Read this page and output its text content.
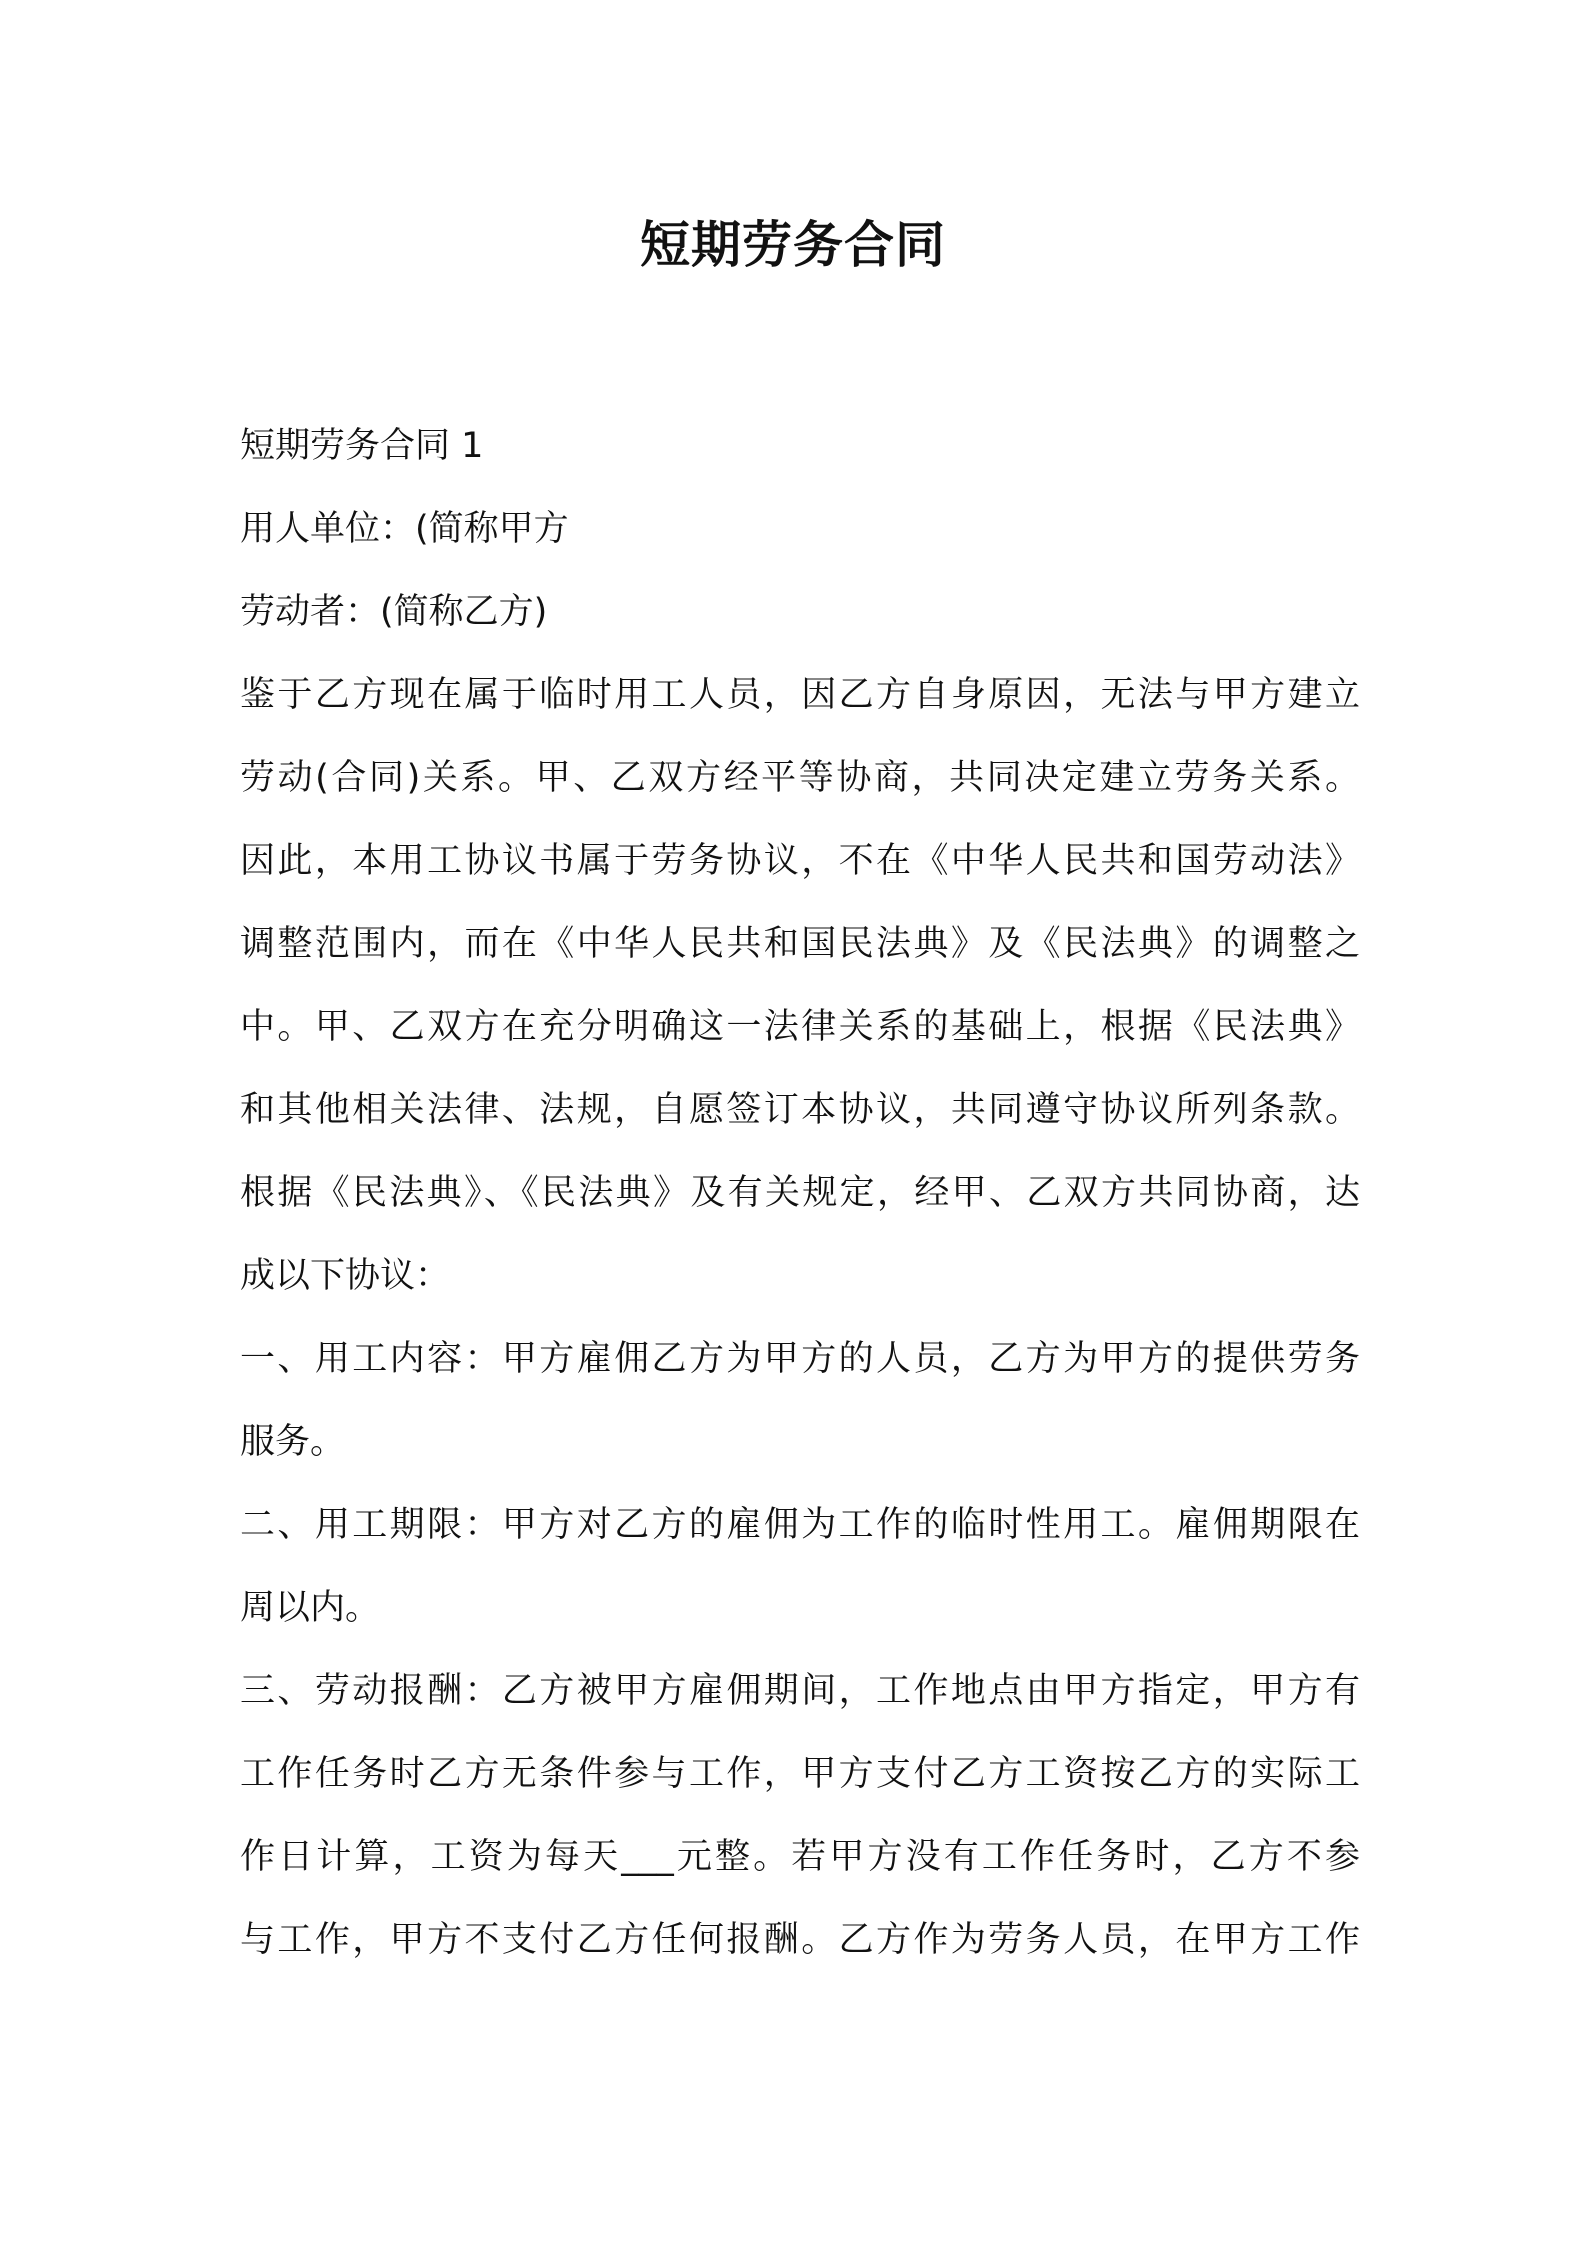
短期劳务合同

短期劳务合同 1

用人单位：(简称甲方

劳动者：(简称乙方)

鉴于乙方现在属于临时用工人员，因乙方自身原因，无法与甲方建立

劳动(合同)关系。甲、乙双方经平等协商，共同决定建立劳务关系。

因此，本用工协议书属于劳务协议，不在《中华人民共和国劳动法》

调整范围内，而在《中华人民共和国民法典》及《民法典》的调整之

中。甲、乙双方在充分明确这一法律关系的基础上，根据《民法典》

和其他相关法律、法规，自愿签订本协议，共同遵守协议所列条款。

根据《民法典》、《民法典》及有关规定，经甲、乙双方共同协商，达

成以下协议：

一、用工内容：甲方雇佣乙方为甲方的人员，乙方为甲方的提供劳务

服务。

二、用工期限：甲方对乙方的雇佣为工作的临时性用工。雇佣期限在

周以内。

三、劳动报酬：乙方被甲方雇佣期间，工作地点由甲方指定，甲方有

工作任务时乙方无条件参与工作，甲方支付乙方工资按乙方的实际工

作日计算，工资为每天___元整。若甲方没有工作任务时，乙方不参

与工作，甲方不支付乙方任何报酬。乙方作为劳务人员，在甲方工作
